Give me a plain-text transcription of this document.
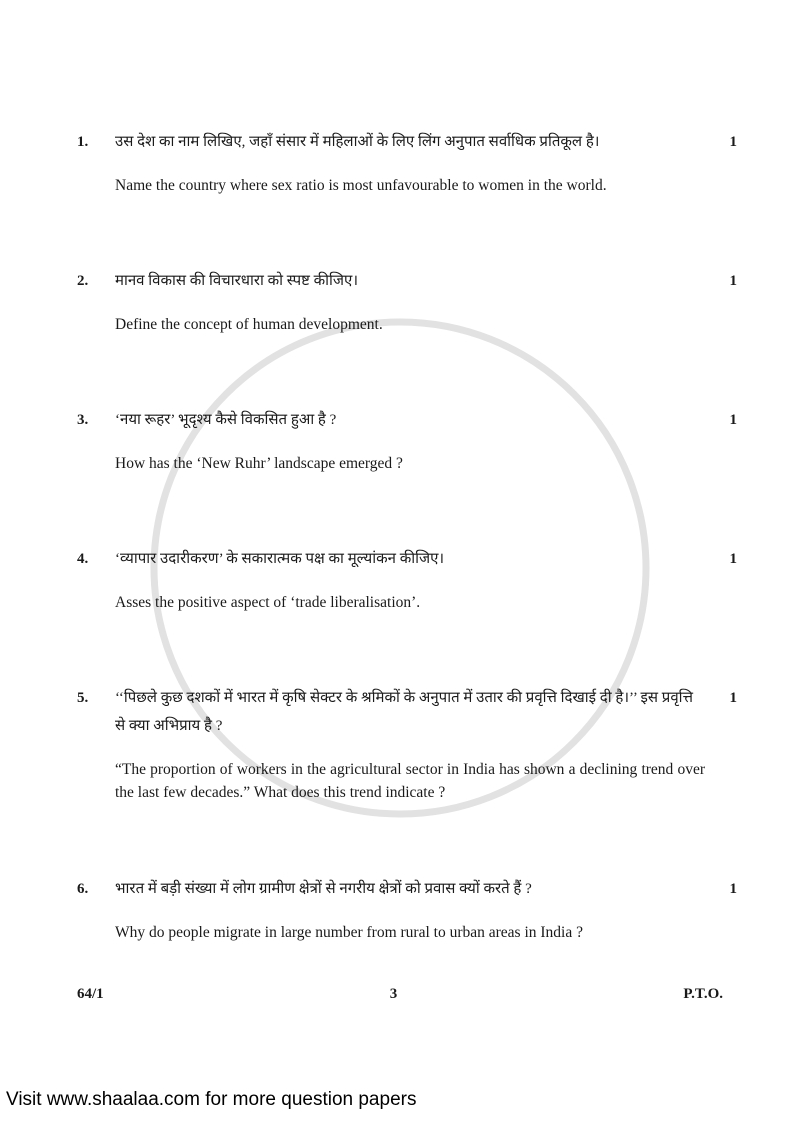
1.	उस देश का नाम लिखिए, जहाँ संसार में महिलाओं के लिए लिंग अनुपात सर्वाधिक प्रतिकूल है।
Name the country where sex ratio is most unfavourable to women in the world.
1
2.	मानव विकास की विचारधारा को स्पष्ट कीजिए।
Define the concept of human development.
1
3.	‘नया रूहर’ भूदृश्य कैसे विकसित हुआ है ?
How has the ‘New Ruhr’ landscape emerged ?
1
4.	‘व्यापार उदारीकरण’ के सकारात्मक पक्ष का मूल्यांकन कीजिए।
Asses the positive aspect of ‘trade liberalisation’.
1
5.	‘‘पिछले कुछ दशकों में भारत में कृषि सेक्टर के श्रमिकों के अनुपात में उतार की प्रवृत्ति दिखाई दी है।’’ इस प्रवृत्ति से क्या अभिप्राय है ?
“The proportion of workers in the agricultural sector in India has shown a declining trend over the last few decades.” What does this trend indicate ?
1
6.	भारत में बड़ी संख्या में लोग ग्रामीण क्षेत्रों से नगरीय क्षेत्रों को प्रवास क्यों करते हैं ?
Why do people migrate in large number from rural to urban areas in India ?
1
64/1	3	P.T.O.
Visit www.shaalaa.com for more question papers
